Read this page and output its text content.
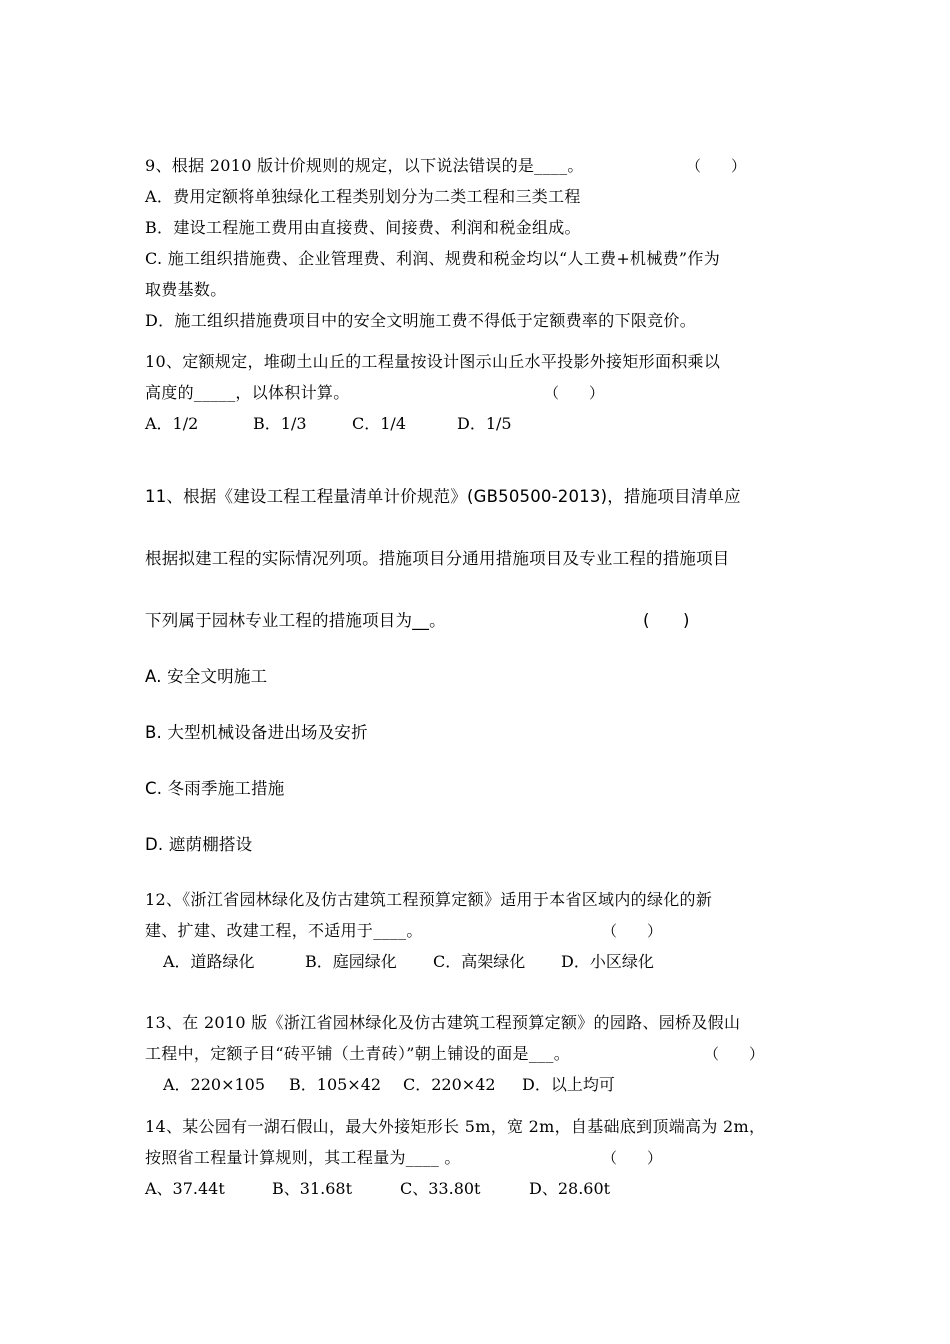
9、根据 2010 版计价规则的规定，以下说法错误的是____。	（　　）
A．费用定额将单独绿化工程类别划分为二类工程和三类工程
B．建设工程施工费用由直接费、间接费、利润和税金组成。
C. 施工组织措施费、企业管理费、利润、规费和税金均以“人工费+机械费”作为
取费基数。
D．施工组织措施费项目中的安全文明施工费不得低于定额费率的下限竞价。
10、定额规定，堆砌土山丘的工程量按设计图示山丘水平投影外接矩形面积乘以
高度的_____，以体积计算。	（　　）
A．1/2	B．1/3	C．1/4	D．1/5
11、根据《建设工程工程量清单计价规范》(GB50500-2013)，措施项目清单应
根据拟建工程的实际情况列项。措施项目分通用措施项目及专业工程的措施项目
下列属于园林专业工程的措施项目为__。	(　　)
A. 安全文明施工
B. 大型机械设备进出场及安折
C. 冬雨季施工措施
D. 遮荫棚搭设
12、《浙江省园林绿化及仿古建筑工程预算定额》适用于本省区域内的绿化的新
建、扩建、改建工程，不适用于____。	（　　）
A．道路绿化	B．庭园绿化 C．高架绿化 D．小区绿化
13、在 2010 版《浙江省园林绿化及仿古建筑工程预算定额》的园路、园桥及假山
工程中，定额子目“砖平铺（土青砖）”朝上铺设的面是___。	（　　）
A．220×105 B．105×42 C．220×42 D．以上均可
14、某公园有一湖石假山，最大外接矩形长 5m，宽 2m，自基础底到顶端高为 2m，
按照省工程量计算规则，其工程量为____ 。	（　　）
A、37.44t	B、31.68t	C、33.80t	D、28.60t
